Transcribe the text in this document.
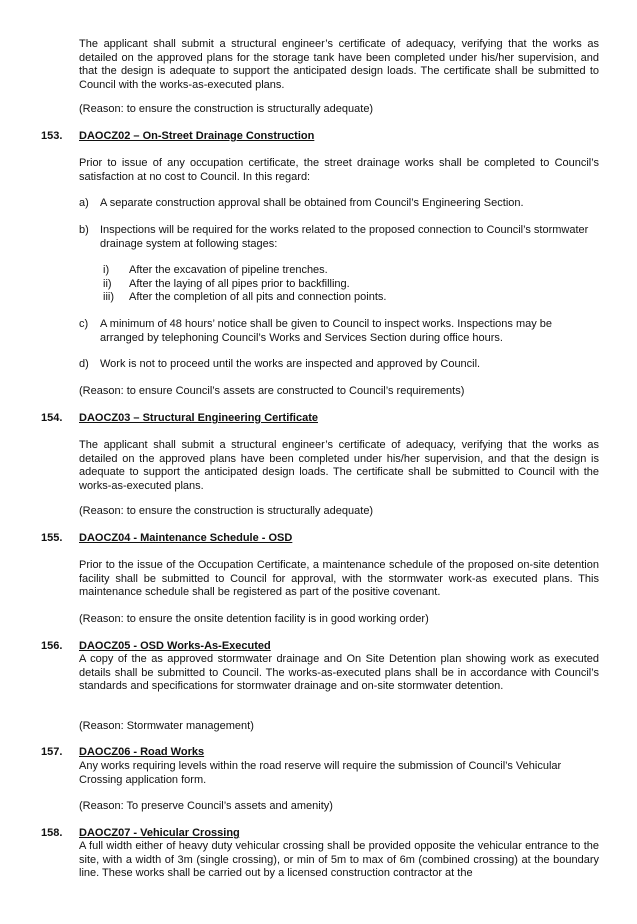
The applicant shall submit a structural engineer’s certificate of adequacy, verifying that the works as detailed on the approved plans for the storage tank have been completed under his/her supervision, and that the design is adequate to support the anticipated design loads. The certificate shall be submitted to Council with the works-as-executed plans.
(Reason: to ensure the construction is structurally adequate)
153. DAOCZ02 – On-Street Drainage Construction
Prior to issue of any occupation certificate, the street drainage works shall be completed to Council’s satisfaction at no cost to Council. In this regard:
a) A separate construction approval shall be obtained from Council’s Engineering Section.
b) Inspections will be required for the works related to the proposed connection to Council’s stormwater drainage system at following stages:
i) After the excavation of pipeline trenches.
ii) After the laying of all pipes prior to backfilling.
iii) After the completion of all pits and connection points.
c) A minimum of 48 hours’ notice shall be given to Council to inspect works. Inspections may be arranged by telephoning Council’s Works and Services Section during office hours.
d) Work is not to proceed until the works are inspected and approved by Council.
(Reason: to ensure Council’s assets are constructed to Council’s requirements)
154. DAOCZ03 – Structural Engineering Certificate
The applicant shall submit a structural engineer’s certificate of adequacy, verifying that the works as detailed on the approved plans have been completed under his/her supervision, and that the design is adequate to support the anticipated design loads. The certificate shall be submitted to Council with the works-as-executed plans.
(Reason: to ensure the construction is structurally adequate)
155. DAOCZ04 - Maintenance Schedule - OSD
Prior to the issue of the Occupation Certificate, a maintenance schedule of the proposed on-site detention facility shall be submitted to Council for approval, with the stormwater work-as executed plans. This maintenance schedule shall be registered as part of the positive covenant.
(Reason: to ensure the onsite detention facility is in good working order)
156. DAOCZ05 - OSD Works-As-Executed
A copy of the as approved stormwater drainage and On Site Detention plan showing work as executed details shall be submitted to Council. The works-as-executed plans shall be in accordance with Council’s standards and specifications for stormwater drainage and on-site stormwater detention.
(Reason: Stormwater management)
157. DAOCZ06 - Road Works
Any works requiring levels within the road reserve will require the submission of Council’s Vehicular Crossing application form.
(Reason: To preserve Council’s assets and amenity)
158. DAOCZ07 - Vehicular Crossing
A full width either of heavy duty vehicular crossing shall be provided opposite the vehicular entrance to the site, with a width of 3m (single crossing), or min of 5m to max of 6m (combined crossing) at the boundary line. These works shall be carried out by a licensed construction contractor at the
